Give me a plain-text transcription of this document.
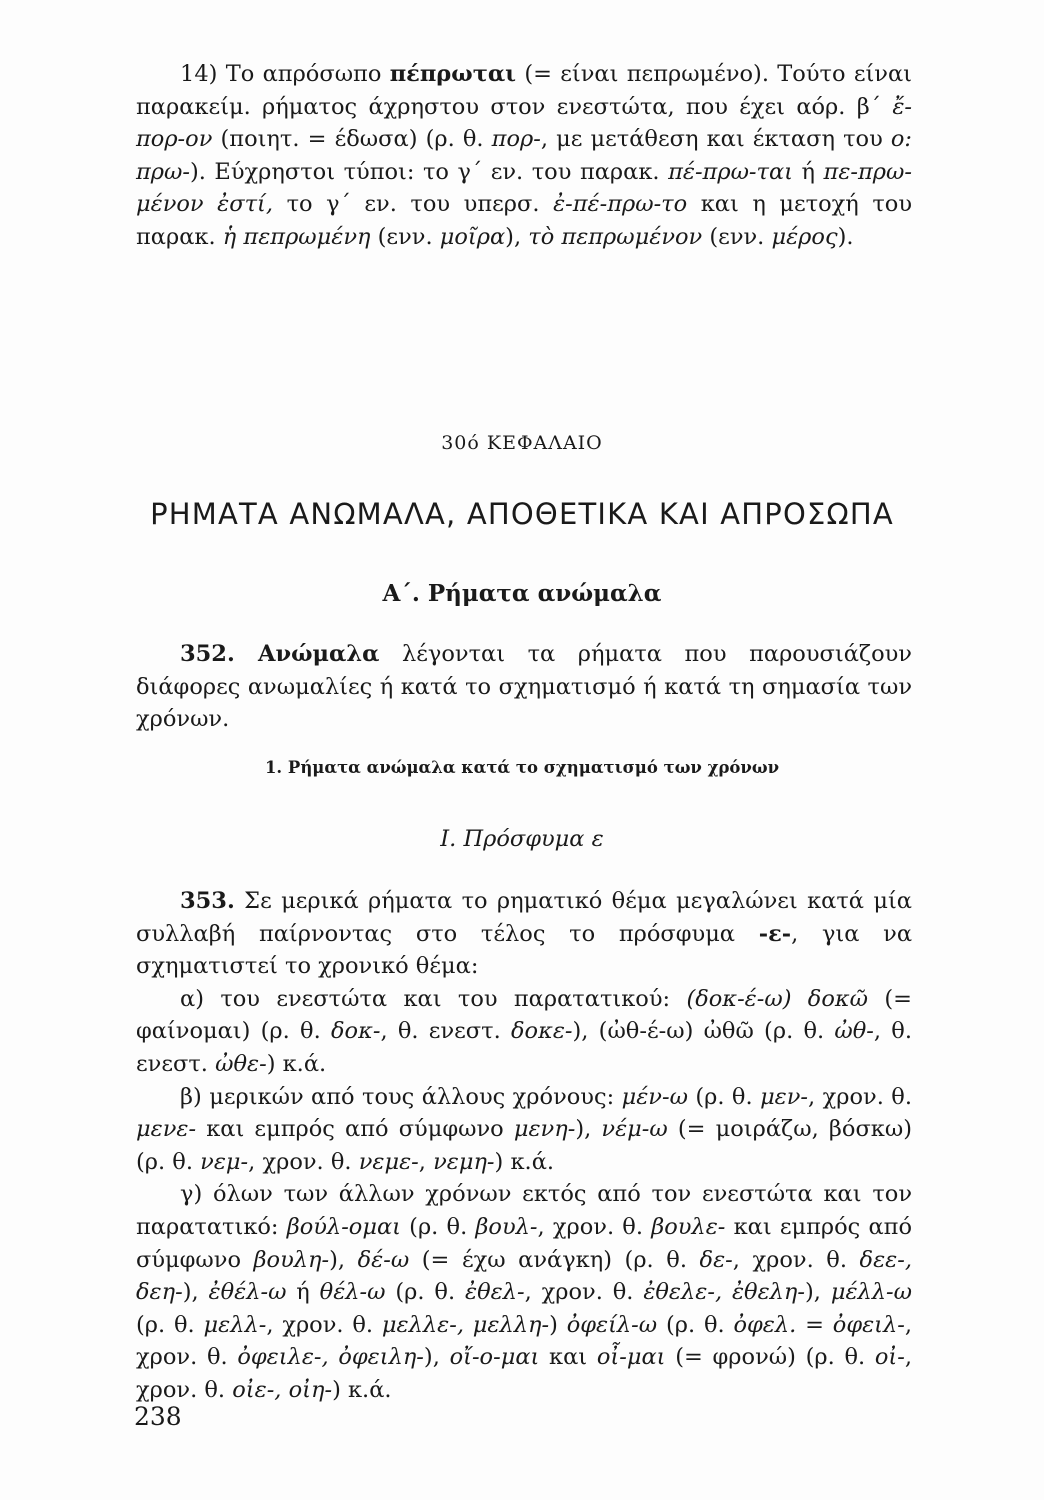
14) Το απρόσωπο πέπρωται (= είναι πεπρωμένο). Τούτο είναι παρακείμ. ρήματος άχρηστου στον ενεστώτα, που έχει αόρ. β΄ ἔ-πορ-ον (ποιητ. = έδωσα) (ρ. θ. πορ-, με μετάθεση και έκταση του ο: πρω-). Εύχρηστοι τύποι: το γ΄ εν. του παρακ. πέ-πρω-ται ή πε-πρω-μένον ἐστί, το γ΄ εν. του υπερσ. ἐ-πέ-πρω-το και η μετοχή του παρακ. ἡ πεπρωμένη (ενν. μοῖρα), τὸ πεπρωμένον (ενν. μέρος).

30ό ΚΕΦΑΛΑΙΟ
ΡΗΜΑΤΑ ΑΝΩΜΑΛΑ, ΑΠΟΘΕΤΙΚΑ ΚΑΙ ΑΠΡΟΣΩΠΑ
Α΄. Ρήματα ανώμαλα

352. Ανώμαλα λέγονται τα ρήματα που παρουσιάζουν διάφορες ανωμαλίες ή κατά το σχηματισμό ή κατά τη σημασία των χρόνων.

1. Ρήματα ανώμαλα κατά το σχηματισμό των χρόνων
Ι. Πρόσφυμα ε

353. Σε μερικά ρήματα το ρηματικό θέμα μεγαλώνει κατά μία συλλαβή παίρνοντας στο τέλος το πρόσφυμα -ε-, για να σχηματιστεί το χρονικό θέμα:

α) του ενεστώτα και του παρατατικού: (δοκ-έ-ω) δοκῶ (= φαίνομαι) (ρ. θ. δοκ-, θ. ενεστ. δοκε-), (ὠθ-έ-ω) ὠθῶ (ρ. θ. ὠθ-, θ. ενεστ. ὠθε-) κ.ά.

β) μερικών από τους άλλους χρόνους: μέν-ω (ρ. θ. μεν-, χρον. θ. μενε- και εμπρός από σύμφωνο μενη-), νέμ-ω (= μοιράζω, βόσκω) (ρ. θ. νεμ-, χρον. θ. νεμε-, νεμη-) κ.ά.

γ) όλων των άλλων χρόνων εκτός από τον ενεστώτα και τον παρατατικό: βούλ-ομαι (ρ. θ. βουλ-, χρον. θ. βουλε- και εμπρός από σύμφωνο βουλη-), δέ-ω (= έχω ανάγκη) (ρ. θ. δε-, χρον. θ. δεε-, δεη-), ἐθέλ-ω ή θέλ-ω (ρ. θ. ἐθελ-, χρον. θ. ἐθελε-, ἐθελη-), μέλλ-ω (ρ. θ. μελλ-, χρον. θ. μελλε-, μελλη-) ὀφείλ-ω (ρ. θ. ὀφελ. = ὀφειλ-, χρον. θ. ὀφειλε-, ὀφειλη-), οἴ-ο-μαι και οἶ-μαι (= φρονώ) (ρ. θ. οἰ-, χρον. θ. οἰε-, οἰη-) κ.ά.

238
